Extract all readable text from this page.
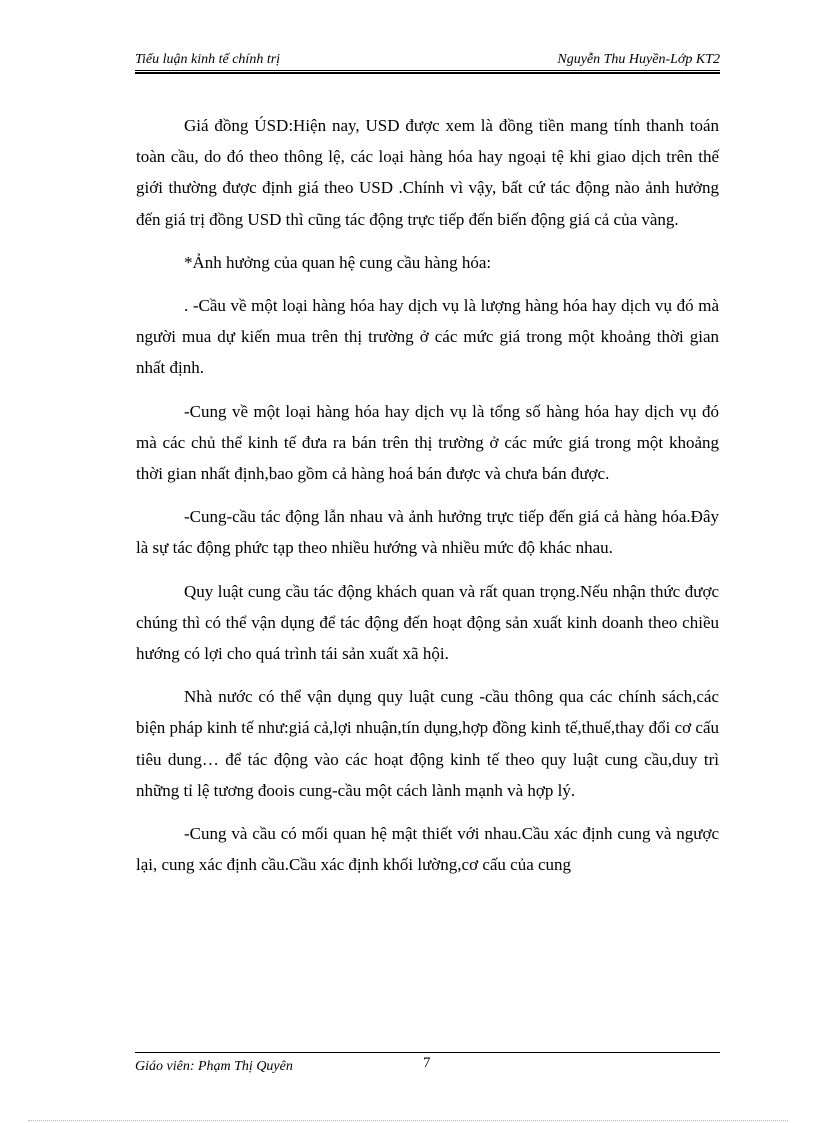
Tiểu luận kinh tế chính trị	Nguyễn Thu Huyền-Lớp KT2

Giá đồng ÚSD:Hiện nay, USD được xem là đồng tiền mang tính thanh toán toàn cầu, do đó theo thông lệ, các loại hàng hóa hay ngoại tệ khi giao dịch trên thế giới thường được định giá theo USD .Chính vì vậy, bất cứ tác động nào ảnh hưởng đến giá trị đồng USD thì cũng tác động trực tiếp đến biến động giá cả của vàng.

*Ảnh hưởng của quan hệ cung cầu hàng hóa:

. -Cầu về một loại hàng hóa hay dịch vụ là lượng hàng hóa hay dịch vụ đó mà người mua dự kiến mua trên thị trường ở các mức giá trong một khoảng thời gian nhất định.

-Cung về một loại hàng hóa hay dịch vụ là tổng số hàng hóa hay dịch vụ đó mà các chủ thể kinh tế đưa ra bán trên thị trường ở các mức giá trong một khoảng thời gian nhất định,bao gồm cả hàng hoá bán được và chưa bán được.

-Cung-cầu tác động lẫn nhau và ảnh hưởng trực tiếp đến giá cả hàng hóa.Đây là sự tác động phức tạp theo nhiều hướng và nhiều mức độ khác nhau.

Quy luật cung cầu tác động khách quan và rất quan trọng.Nếu nhận thức được chúng thì có thể vận dụng để tác động đến hoạt động sản xuất kinh doanh theo chiều hướng có lợi cho quá trình tái sản xuất xã hội.

Nhà nước có thể vận dụng quy luật cung -cầu thông qua các chính sách,các biện pháp kinh tế như:giá cả,lợi nhuận,tín dụng,hợp đồng kinh tế,thuế,thay đổi cơ cấu tiêu dung… để tác động vào các hoạt động kinh tế theo quy luật cung cầu,duy trì những tỉ lệ tương đoois cung-cầu một cách lành mạnh và hợp lý.

-Cung và cầu có mối quan hệ mật thiết với nhau.Cầu xác định cung và ngược lại, cung xác định cầu.Cầu xác định khối lường,cơ cấu của cung

Giáo viên: Phạm Thị Quyên	7
